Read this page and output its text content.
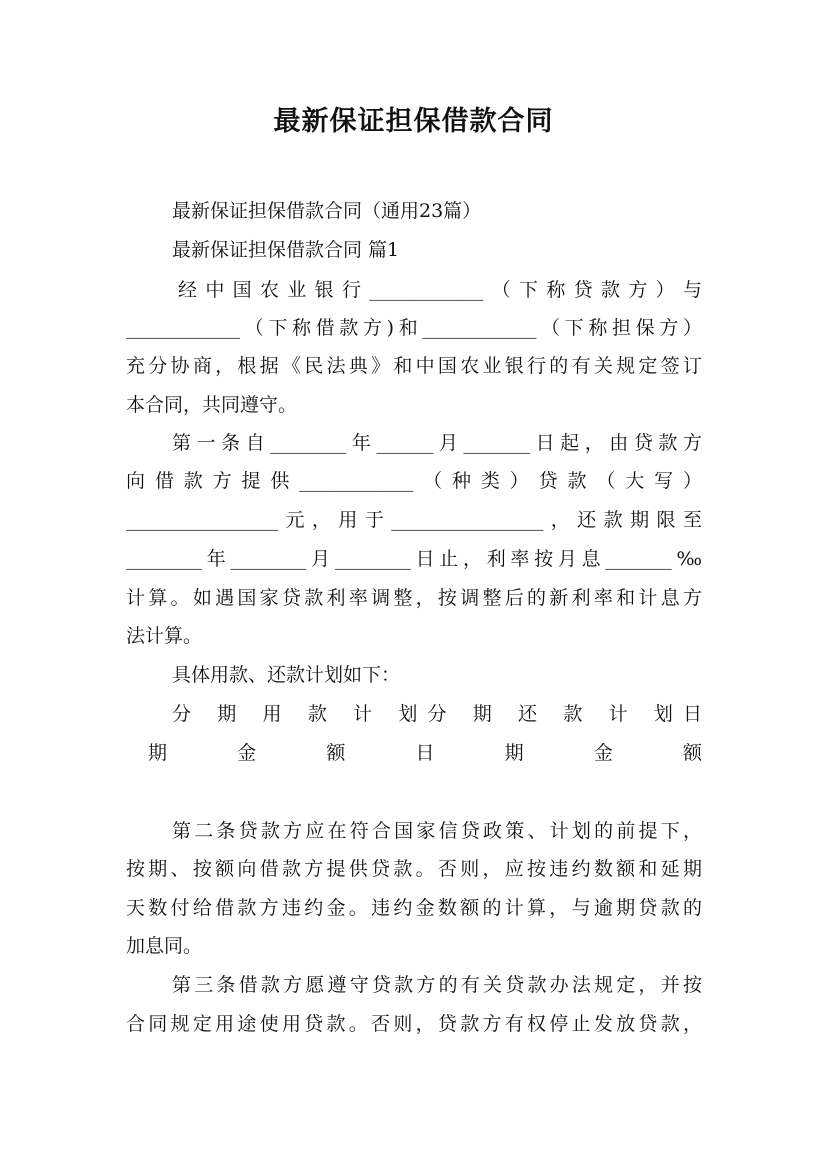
最新保证担保借款合同
最新保证担保借款合同（通用23篇）
最新保证担保借款合同 篇1
经中国农业银行____________（下称贷款方）与
____________（下称借款方)和____________（下称担保方）
充分协商，根据《民法典》和中国农业银行的有关规定签订
本合同，共同遵守。
第一条自________年______月_______日起，由贷款方
向借款方提供____________（种类）贷款（大写）
________________元，用于________________，还款期限至
________年________月________日止，利率按月息_______‰
计算。如遇国家贷款利率调整，按调整后的新利率和计息方
法计算。
具体用款、还款计划如下：
分 期 用 款 计 划分 期 还 款 计 划日
期 金 额 日 期 金 额
第二条贷款方应在符合国家信贷政策、计划的前提下，
按期、按额向借款方提供贷款。否则，应按违约数额和延期
天数付给借款方违约金。违约金数额的计算，与逾期贷款的
加息同。
第三条借款方愿遵守贷款方的有关贷款办法规定，并按
合同规定用途使用贷款。否则，贷款方有权停止发放贷款，
